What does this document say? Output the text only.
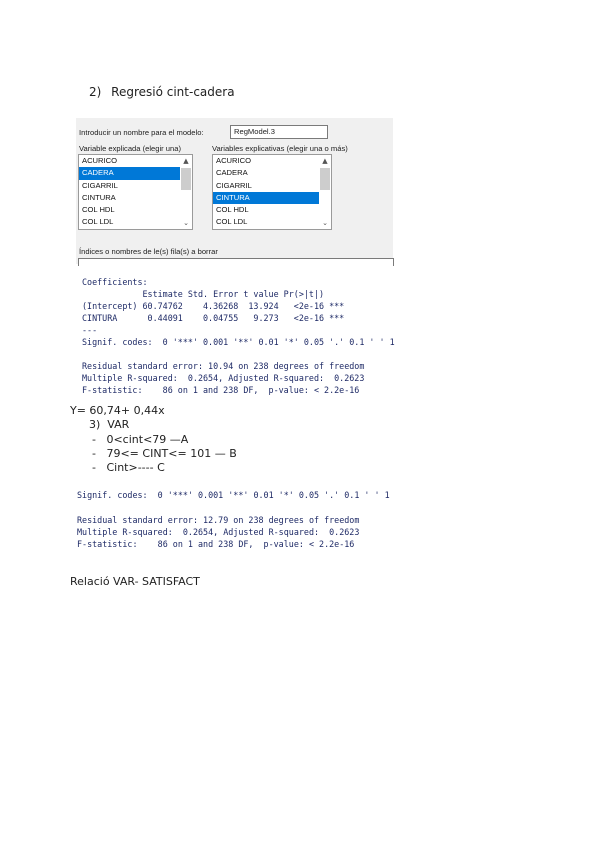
2) Regresió cint-cadera
Introducir un nombre para el modelo:	RegModel.3
Variable explicada (elegir una)	Variables explicativas (elegir una o más)
ACURICO
CADERA
CIGARRIL
CINTURA
COL HDL
COL LDL
▲
⌄
ACURICO
CADERA
CIGARRIL
CINTURA
COL HDL
COL LDL
▲
⌄
Índices o nombres de le(s) fila(s) a borrar
Coefficients:
Estimate Std. Error t value Pr(>|t|)
(Intercept) 60.74762    4.36268  13.924   <2e-16 ***
CINTURA      0.44091    0.04755   9.273   <2e-16 ***
---
Signif. codes:  0 '***' 0.001 '**' 0.01 '*' 0.05 '.' 0.1 ' ' 1
Residual standard error: 10.94 on 238 degrees of freedom
Multiple R-squared:  0.2654, Adjusted R-squared:  0.2623
F-statistic:    86 on 1 and 238 DF,  p-value: < 2.2e-16
Y= 60,74+ 0,44x
3) VAR
-   0<cint<79 —A
-   79<= CINT<= 101 — B
-   Cint>---- C
Signif. codes:  0 '***' 0.001 '**' 0.01 '*' 0.05 '.' 0.1 ' ' 1
Residual standard error: 12.79 on 238 degrees of freedom
Multiple R-squared:  0.2654, Adjusted R-squared:  0.2623
F-statistic:    86 on 1 and 238 DF,  p-value: < 2.2e-16
Relació VAR- SATISFACT
